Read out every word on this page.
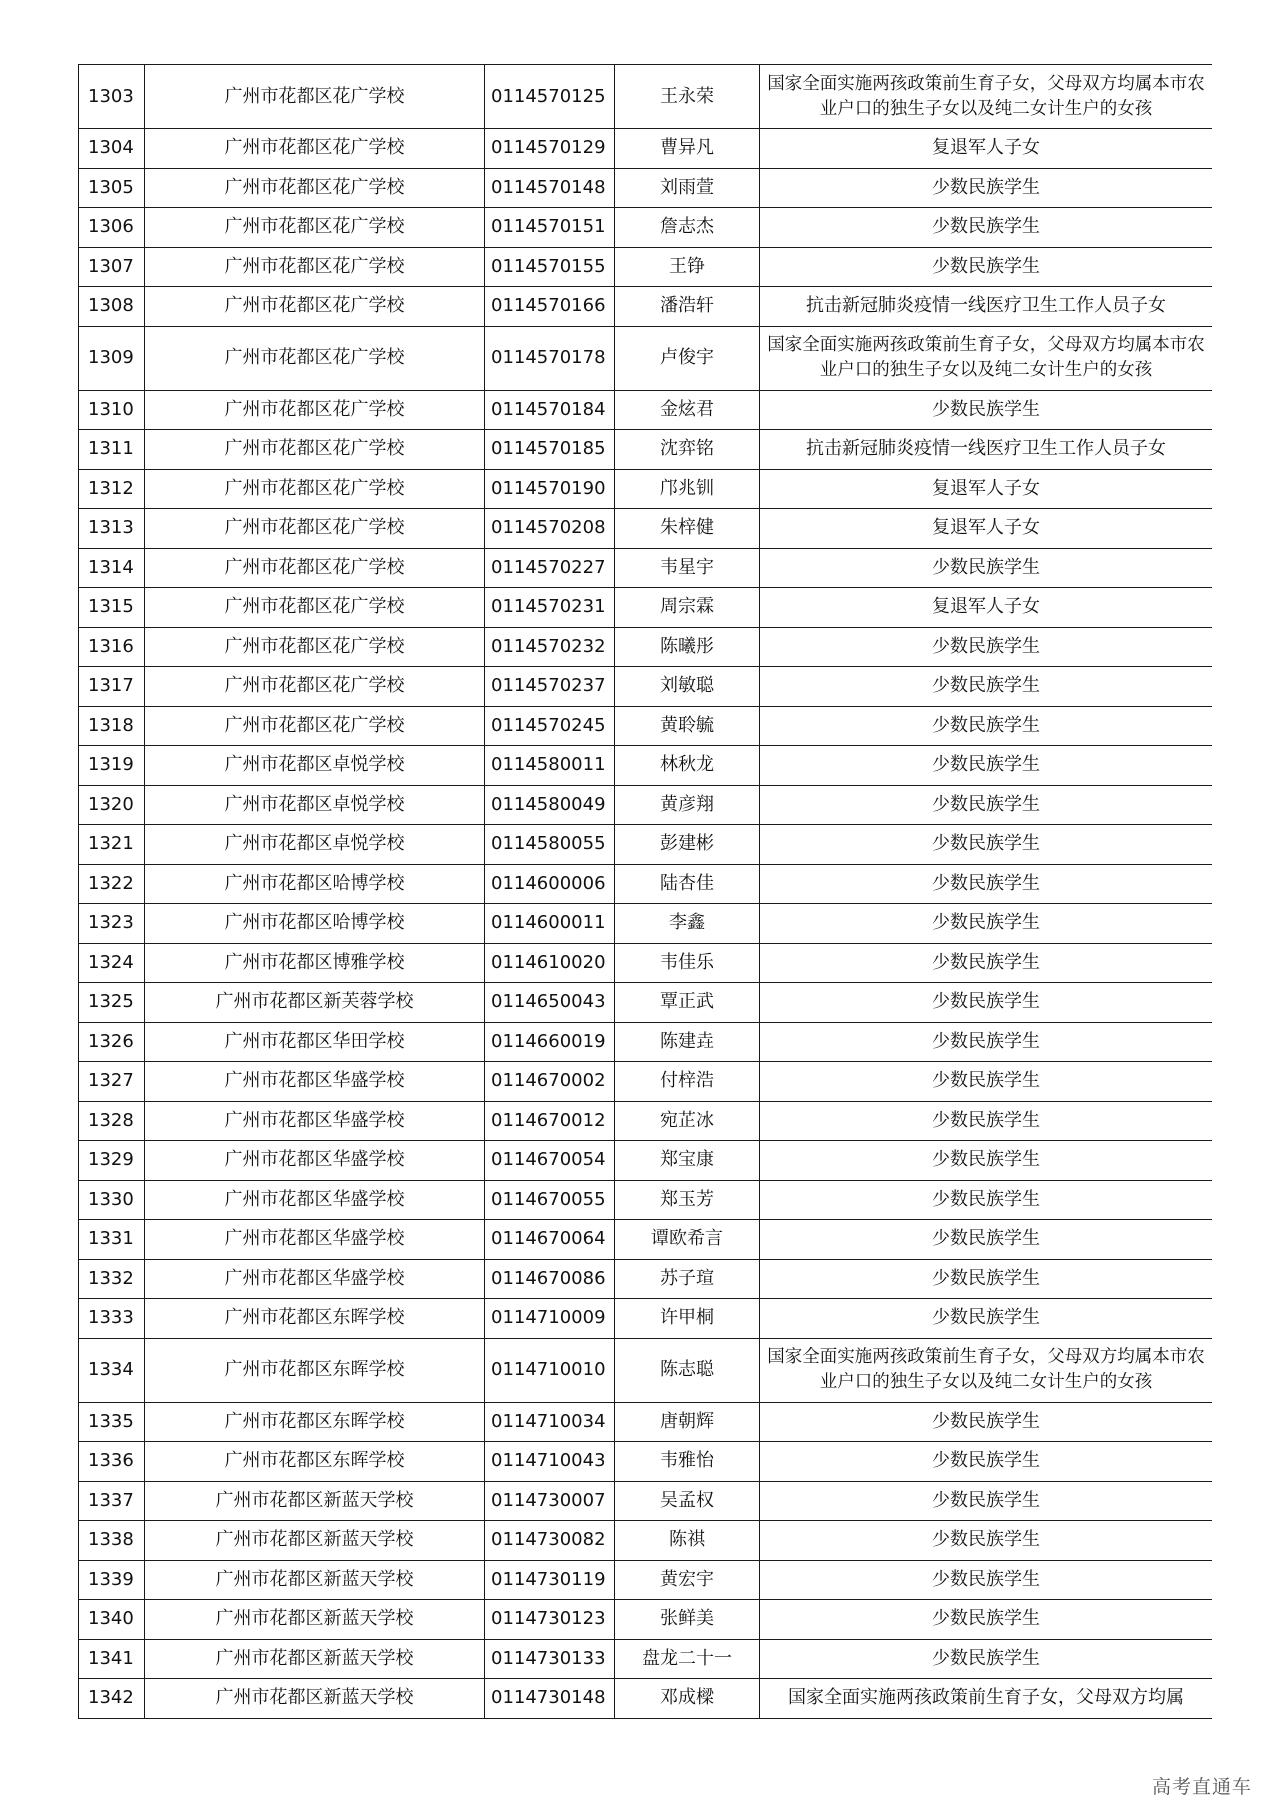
1303	广州市花都区花广学校	0114570125	王永荣	国家全面实施两孩政策前生育子女，父母双方均属本市农业户口的独生子女以及纯二女计生户的女孩
1304	广州市花都区花广学校	0114570129	曹异凡	复退军人子女
1305	广州市花都区花广学校	0114570148	刘雨萱	少数民族学生
1306	广州市花都区花广学校	0114570151	詹志杰	少数民族学生
1307	广州市花都区花广学校	0114570155	王铮	少数民族学生
1308	广州市花都区花广学校	0114570166	潘浩轩	抗击新冠肺炎疫情一线医疗卫生工作人员子女
1309	广州市花都区花广学校	0114570178	卢俊宇	国家全面实施两孩政策前生育子女，父母双方均属本市农业户口的独生子女以及纯二女计生户的女孩
1310	广州市花都区花广学校	0114570184	金炫君	少数民族学生
1311	广州市花都区花广学校	0114570185	沈弈铭	抗击新冠肺炎疫情一线医疗卫生工作人员子女
1312	广州市花都区花广学校	0114570190	邝兆钏	复退军人子女
1313	广州市花都区花广学校	0114570208	朱梓健	复退军人子女
1314	广州市花都区花广学校	0114570227	韦星宇	少数民族学生
1315	广州市花都区花广学校	0114570231	周宗霖	复退军人子女
1316	广州市花都区花广学校	0114570232	陈曦彤	少数民族学生
1317	广州市花都区花广学校	0114570237	刘敏聪	少数民族学生
1318	广州市花都区花广学校	0114570245	黄聆毓	少数民族学生
1319	广州市花都区卓悦学校	0114580011	林秋龙	少数民族学生
1320	广州市花都区卓悦学校	0114580049	黄彦翔	少数民族学生
1321	广州市花都区卓悦学校	0114580055	彭建彬	少数民族学生
1322	广州市花都区哈博学校	0114600006	陆杏佳	少数民族学生
1323	广州市花都区哈博学校	0114600011	李鑫	少数民族学生
1324	广州市花都区博雅学校	0114610020	韦佳乐	少数民族学生
1325	广州市花都区新芙蓉学校	0114650043	覃正武	少数民族学生
1326	广州市花都区华田学校	0114660019	陈建垚	少数民族学生
1327	广州市花都区华盛学校	0114670002	付梓浩	少数民族学生
1328	广州市花都区华盛学校	0114670012	宛芷冰	少数民族学生
1329	广州市花都区华盛学校	0114670054	郑宝康	少数民族学生
1330	广州市花都区华盛学校	0114670055	郑玉芳	少数民族学生
1331	广州市花都区华盛学校	0114670064	谭欧希言	少数民族学生
1332	广州市花都区华盛学校	0114670086	苏子瑄	少数民族学生
1333	广州市花都区东晖学校	0114710009	许甲桐	少数民族学生
1334	广州市花都区东晖学校	0114710010	陈志聪	国家全面实施两孩政策前生育子女，父母双方均属本市农业户口的独生子女以及纯二女计生户的女孩
1335	广州市花都区东晖学校	0114710034	唐朝辉	少数民族学生
1336	广州市花都区东晖学校	0114710043	韦雅怡	少数民族学生
1337	广州市花都区新蓝天学校	0114730007	吴孟权	少数民族学生
1338	广州市花都区新蓝天学校	0114730082	陈祺	少数民族学生
1339	广州市花都区新蓝天学校	0114730119	黄宏宇	少数民族学生
1340	广州市花都区新蓝天学校	0114730123	张鲜美	少数民族学生
1341	广州市花都区新蓝天学校	0114730133	盘龙二十一	少数民族学生
1342	广州市花都区新蓝天学校	0114730148	邓成樑	国家全面实施两孩政策前生育子女，父母双方均属
高考直通车
